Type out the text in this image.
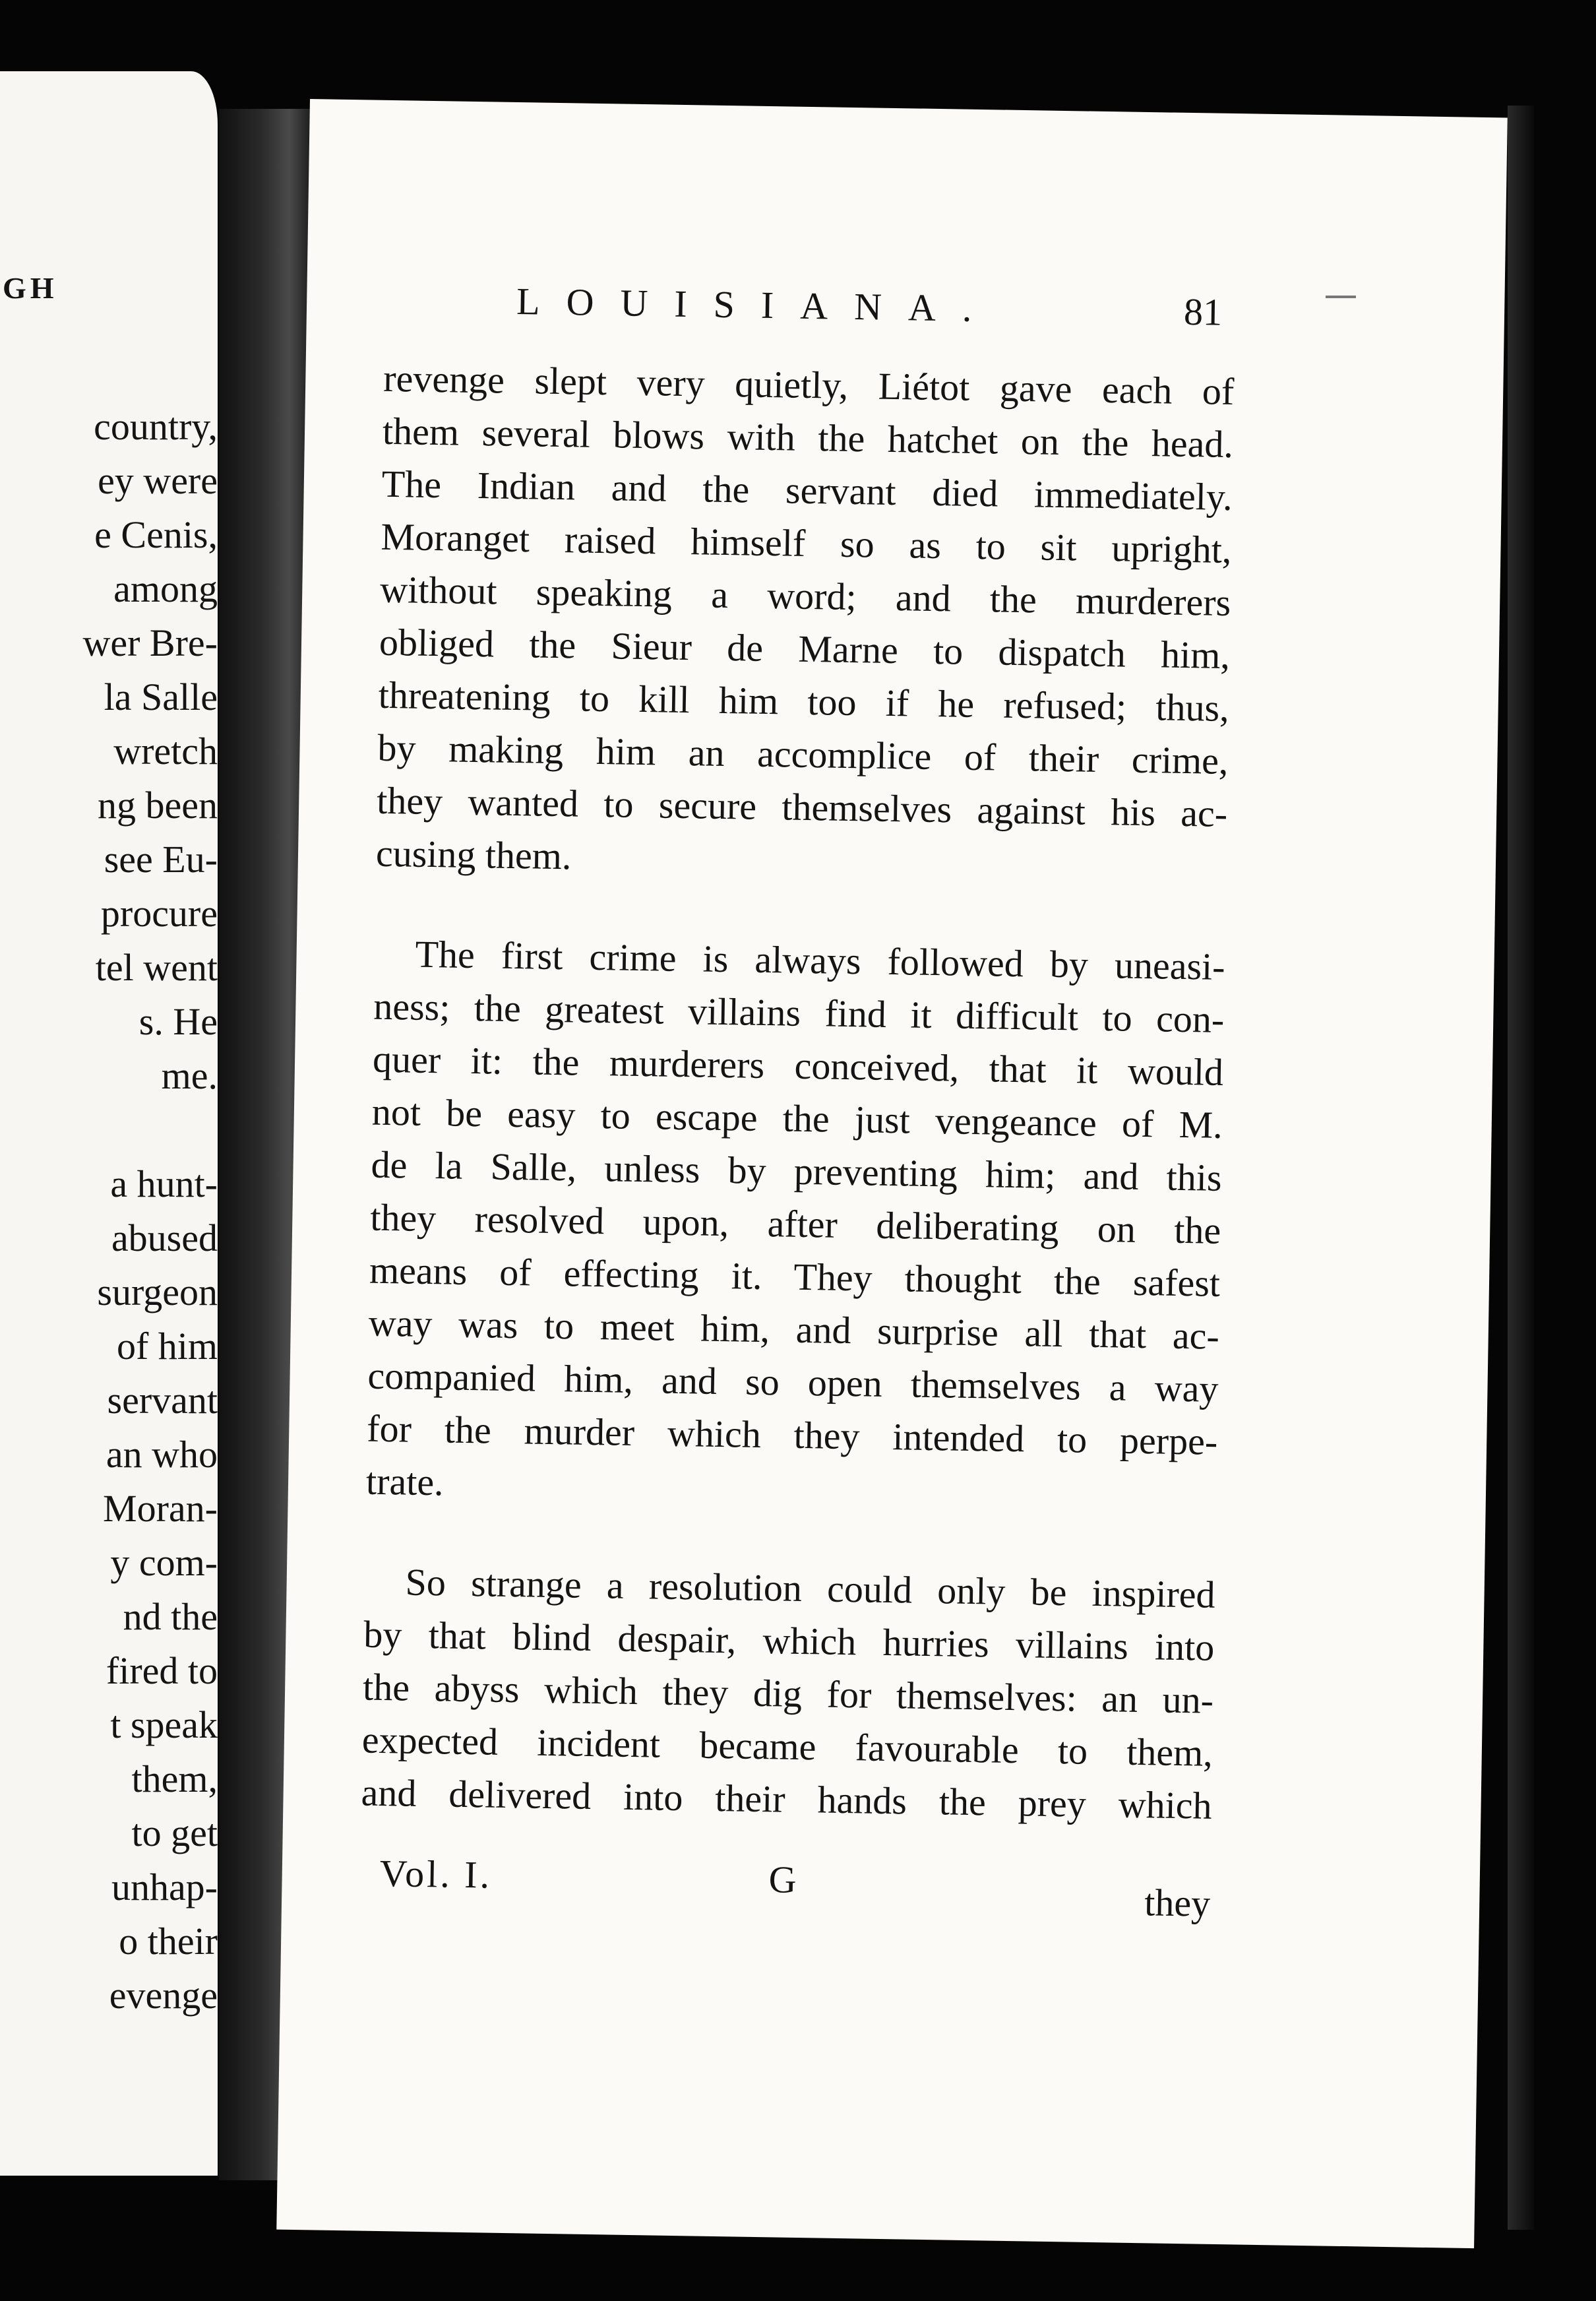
GH
country,
ey were
e Cenis,
among
wer Bre-
la Salle
wretch
ng been
see Eu-
procure
tel went
s. He
me.
a hunt-
abused
surgeon
of him
servant
an who
Moran-
y com-
nd the
fired to
t speak
them,
to get
unhap-
o their
evenge
LOUISIANA.	81
revenge slept very quietly, Liétot gave each of
them several blows with the hatchet on the head.
The Indian and the servant died immediately.
Moranget raised himself so as to sit upright,
without speaking a word; and the murderers
obliged the Sieur de Marne to dispatch him,
threatening to kill him too if he refused; thus,
by making him an accomplice of their crime,
they wanted to secure themselves against his ac-
cusing them.
The first crime is always followed by uneasi-
ness; the greatest villains find it difficult to con-
quer it: the murderers conceived, that it would
not be easy to escape the just vengeance of M.
de la Salle, unless by preventing him; and this
they resolved upon, after deliberating on the
means of effecting it. They thought the safest
way was to meet him, and surprise all that ac-
companied him, and so open themselves a way
for the murder which they intended to perpe-
trate.
So strange a resolution could only be inspired
by that blind despair, which hurries villains into
the abyss which they dig for themselves: an un-
expected incident became favourable to them,
and delivered into their hands the prey which
Vol. I.	G
they
